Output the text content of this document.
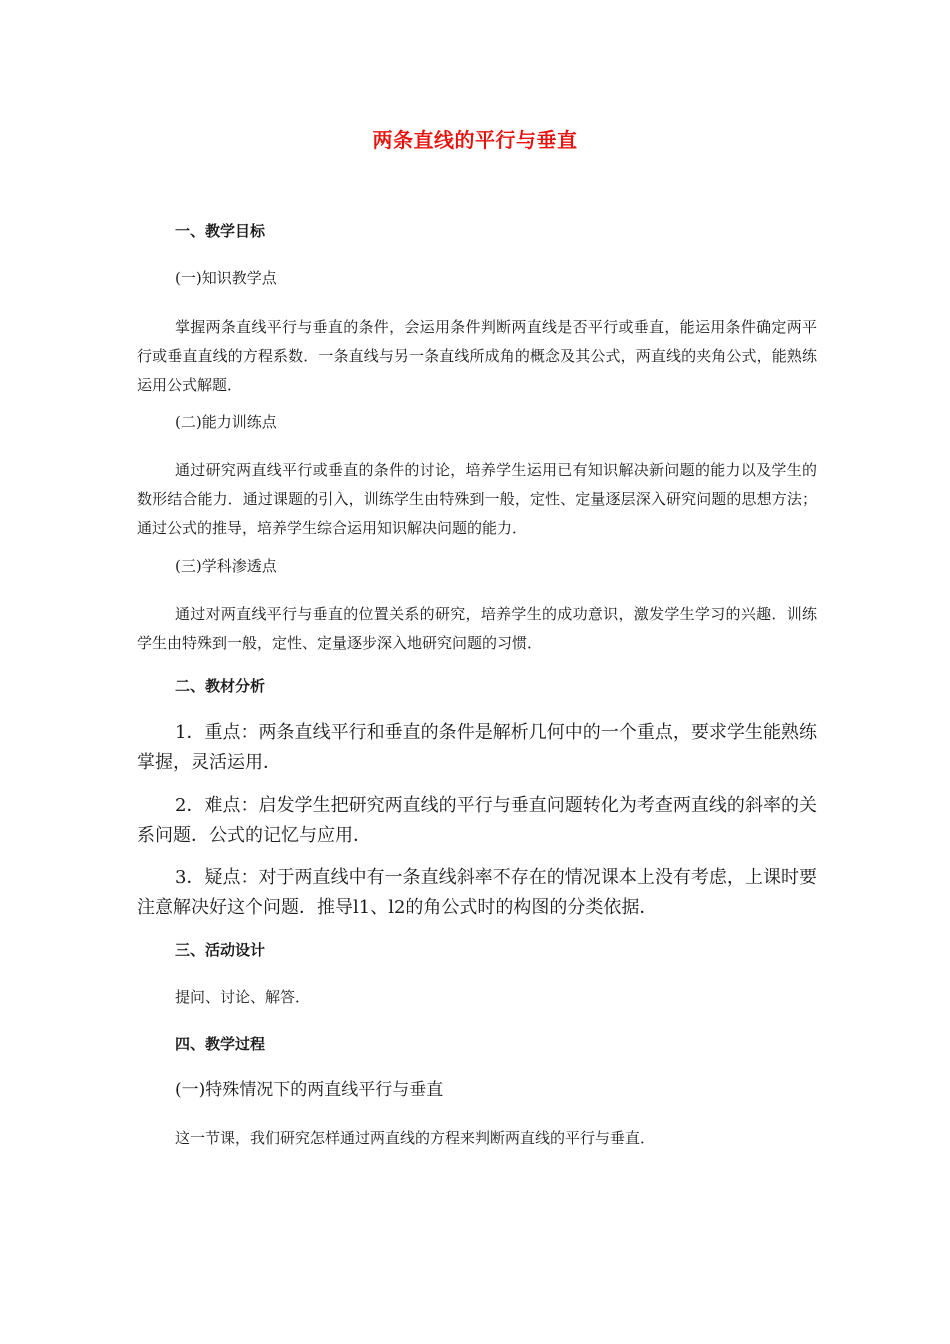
两条直线的平行与垂直
一、教学目标
(一)知识教学点
掌握两条直线平行与垂直的条件，会运用条件判断两直线是否平行或垂直，能运用条件确定两平行或垂直直线的方程系数．一条直线与另一条直线所成角的概念及其公式，两直线的夹角公式，能熟练运用公式解题．
(二)能力训练点
通过研究两直线平行或垂直的条件的讨论，培养学生运用已有知识解决新问题的能力以及学生的数形结合能力．通过课题的引入，训练学生由特殊到一般，定性、定量逐层深入研究问题的思想方法；通过公式的推导，培养学生综合运用知识解决问题的能力．
(三)学科渗透点
通过对两直线平行与垂直的位置关系的研究，培养学生的成功意识，激发学生学习的兴趣．训练学生由特殊到一般，定性、定量逐步深入地研究问题的习惯．
二、教材分析
1．重点：两条直线平行和垂直的条件是解析几何中的一个重点，要求学生能熟练掌握，灵活运用．
2．难点：启发学生把研究两直线的平行与垂直问题转化为考查两直线的斜率的关系问题．公式的记忆与应用．
3．疑点：对于两直线中有一条直线斜率不存在的情况课本上没有考虑，上课时要注意解决好这个问题．推导l1、l2的角公式时的构图的分类依据．
三、活动设计
提问、讨论、解答．
四、教学过程
(一)特殊情况下的两直线平行与垂直
这一节课，我们研究怎样通过两直线的方程来判断两直线的平行与垂直．
